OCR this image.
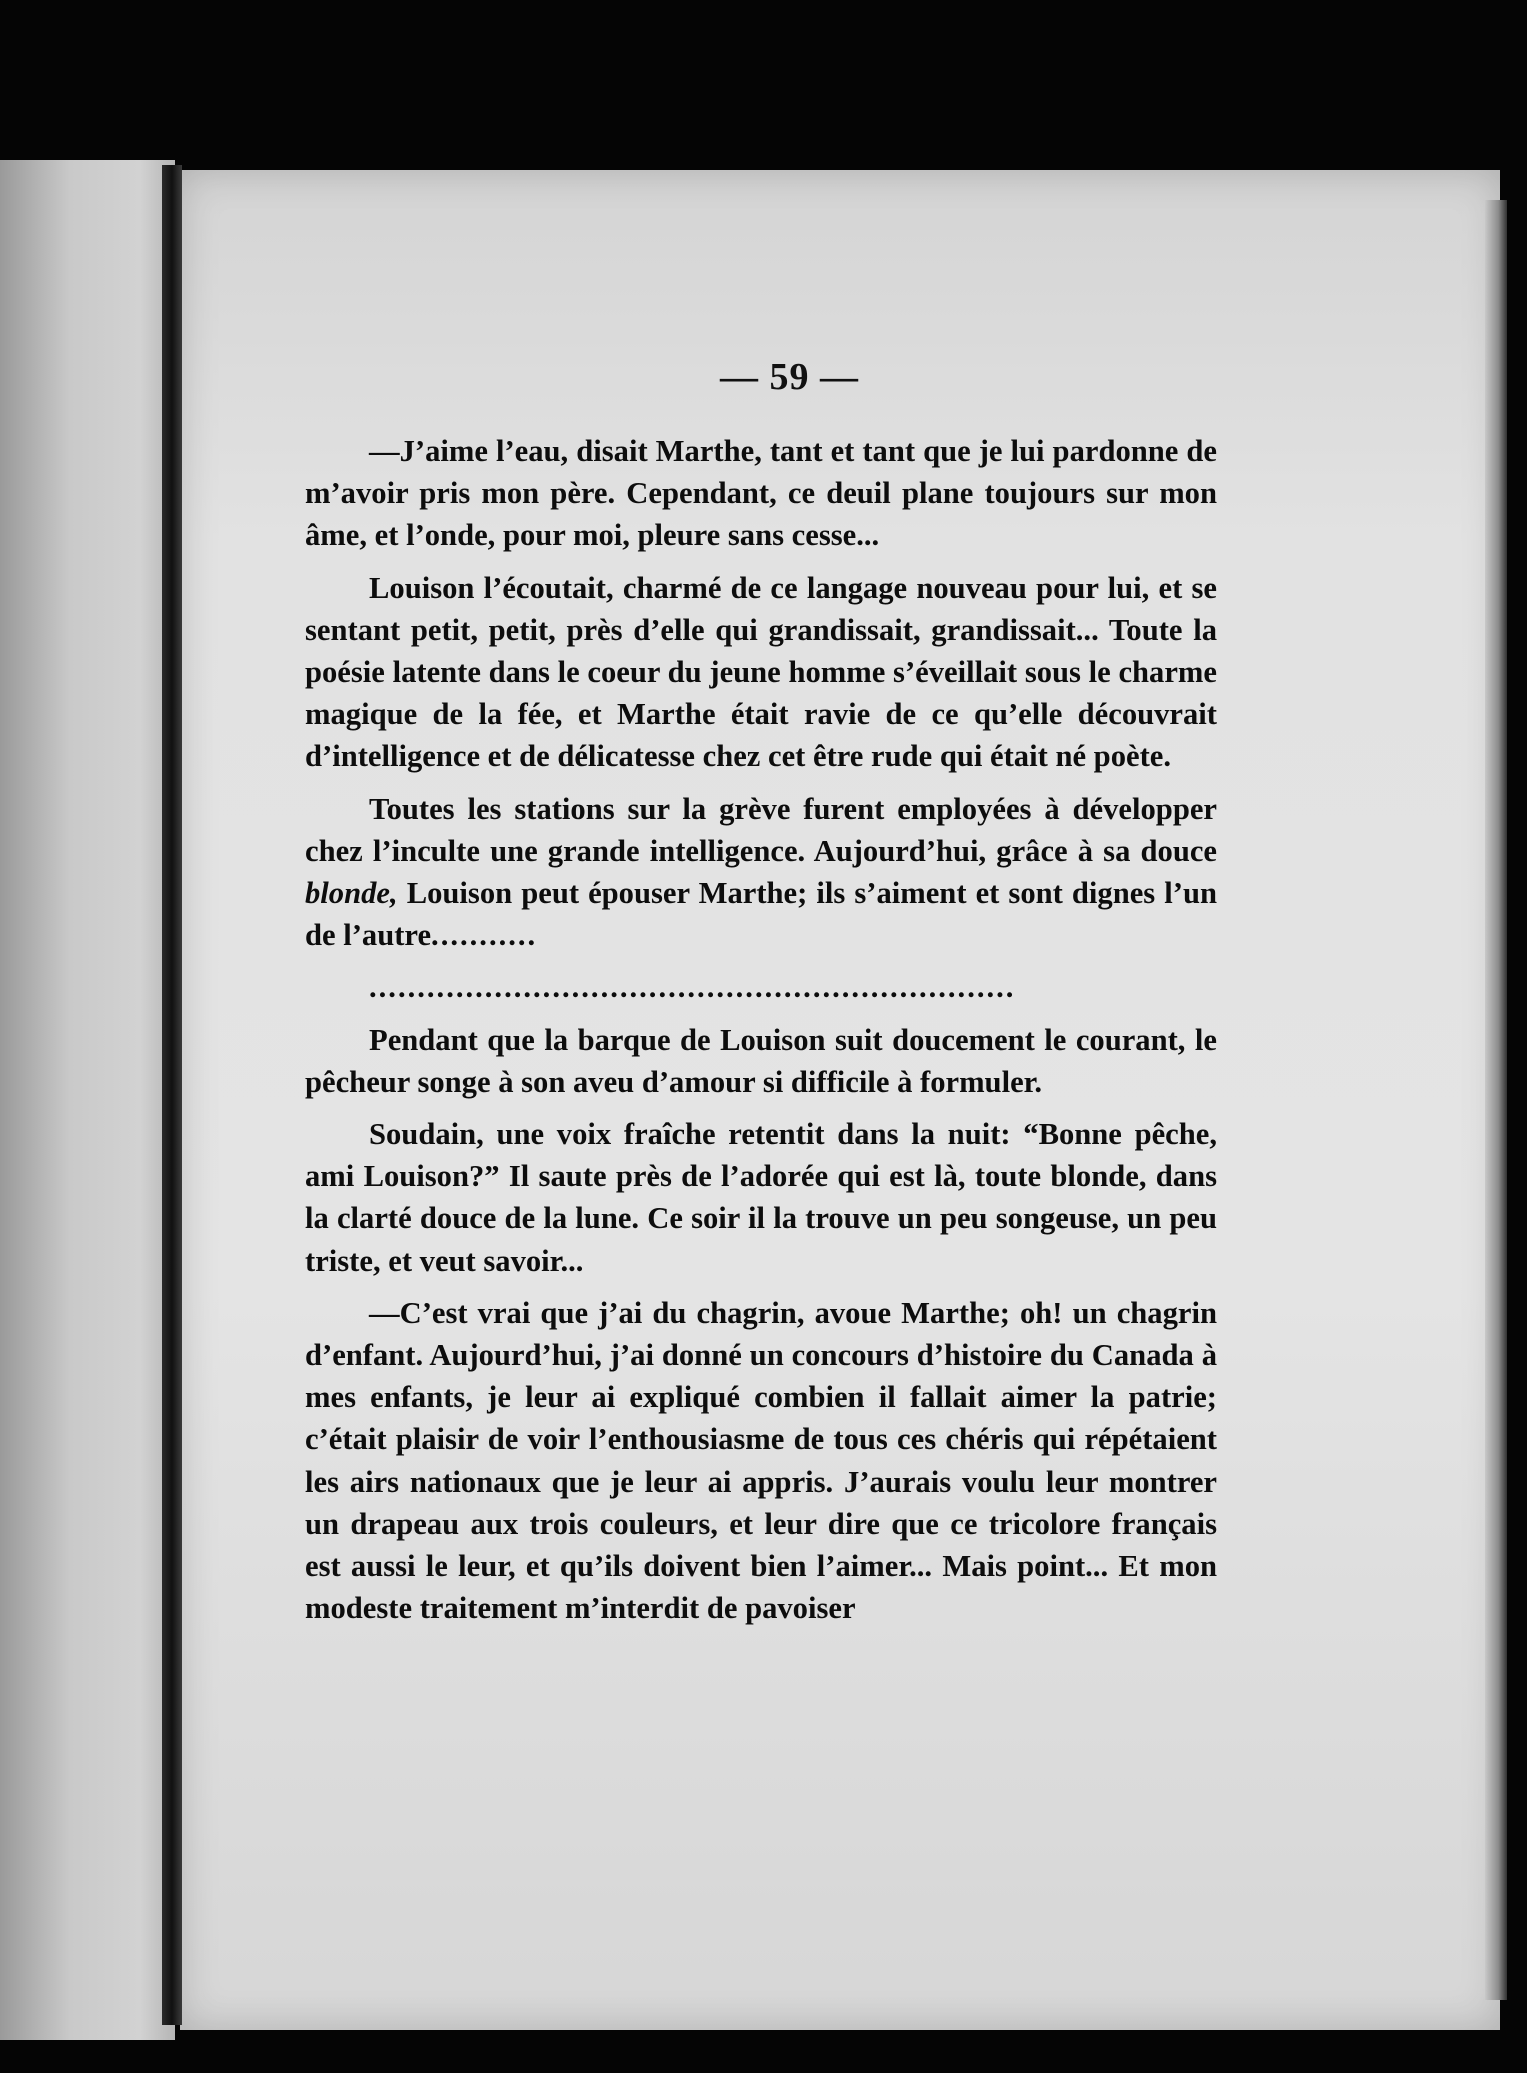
— 59 —

—J’aime l’eau, disait Marthe, tant et tant que je lui pardonne de m’avoir pris mon père. Cependant, ce deuil plane toujours sur mon âme, et l’onde, pour moi, pleure sans cesse...

Louison l’écoutait, charmé de ce langage nouveau pour lui, et se sentant petit, petit, près d’elle qui grandissait, grandissait... Toute la poésie latente dans le coeur du jeune homme s’éveillait sous le charme magique de la fée, et Marthe était ravie de ce qu’elle découvrait d’intelligence et de délicatesse chez cet être rude qui était né poète.

Toutes les stations sur la grève furent employées à développer chez l’inculte une grande intelligence. Aujourd’hui, grâce à sa douce blonde, Louison peut épouser Marthe; ils s’aiment et sont dignes l’un de l’autre...........

...................................................................

Pendant que la barque de Louison suit doucement le courant, le pêcheur songe à son aveu d’amour si difficile à formuler.

Soudain, une voix fraîche retentit dans la nuit: “Bonne pêche, ami Louison?” Il saute près de l’adorée qui est là, toute blonde, dans la clarté douce de la lune. Ce soir il la trouve un peu songeuse, un peu triste, et veut savoir...

—C’est vrai que j’ai du chagrin, avoue Marthe; oh! un chagrin d’enfant. Aujourd’hui, j’ai donné un concours d’histoire du Canada à mes enfants, je leur ai expliqué combien il fallait aimer la patrie; c’était plaisir de voir l’enthousiasme de tous ces chéris qui répétaient les airs nationaux que je leur ai appris. J’aurais voulu leur montrer un drapeau aux trois couleurs, et leur dire que ce tricolore français est aussi le leur, et qu’ils doivent bien l’aimer... Mais point... Et mon modeste traitement m’interdit de pavoiser
